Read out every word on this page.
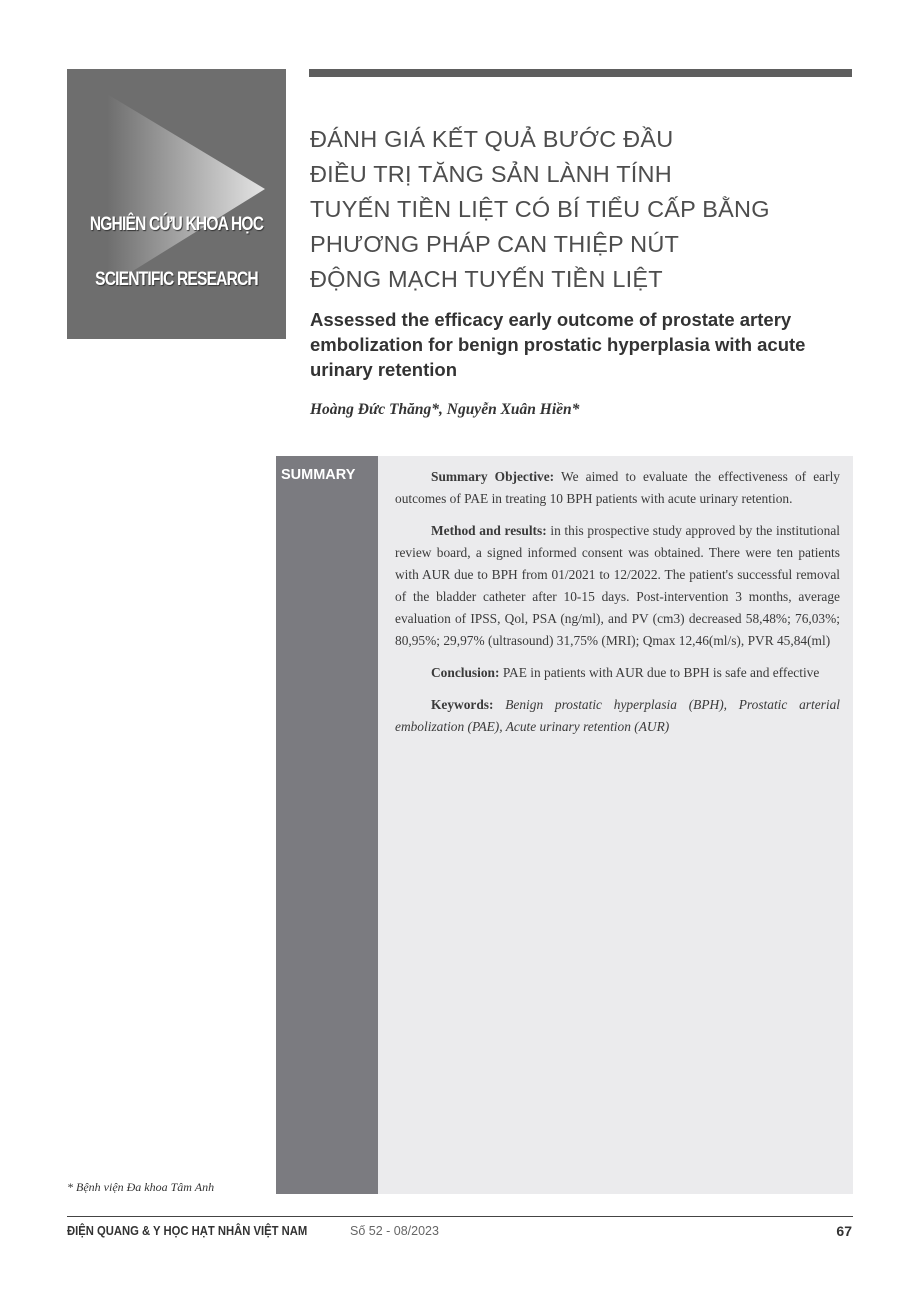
NGHIÊN CỨU KHOA HỌC
SCIENTIFIC RESEARCH
ĐÁNH GIÁ KẾT QUẢ BƯỚC ĐẦU
ĐIỀU TRỊ TĂNG SẢN LÀNH TÍNH
TUYẾN TIỀN LIỆT CÓ BÍ TIỂU CẤP BẰNG
PHƯƠNG PHÁP CAN THIỆP NÚT
ĐỘNG MẠCH TUYẾN TIỀN LIỆT
Assessed the efficacy early outcome of prostate artery embolization for benign prostatic hyperplasia with acute urinary retention
Hoàng Đức Thăng*, Nguyễn Xuân Hiền*
SUMMARY	Summary Objective: We aimed to evaluate the effectiveness of early outcomes of PAE in treating 10 BPH patients with acute urinary retention.

Method and results: in this prospective study approved by the institutional review board, a signed informed consent was obtained. There were ten patients with AUR due to BPH from 01/2021 to 12/2022. The patient's successful removal of the bladder catheter after 10-15 days. Post-intervention 3 months, average evaluation of IPSS, Qol, PSA (ng/ml), and PV (cm3) decreased 58,48%; 76,03%; 80,95%; 29,97% (ultrasound) 31,75% (MRI); Qmax 12,46(ml/s), PVR 45,84(ml)

Conclusion: PAE in patients with AUR due to BPH is safe and effective

Keywords: Benign prostatic hyperplasia (BPH), Prostatic arterial embolization (PAE), Acute urinary retention (AUR)

* Bệnh viện Đa khoa Tâm Anh
ĐIỆN QUANG & Y HỌC HẠT NHÂN VIỆT NAM	Số 52 - 08/2023	67
